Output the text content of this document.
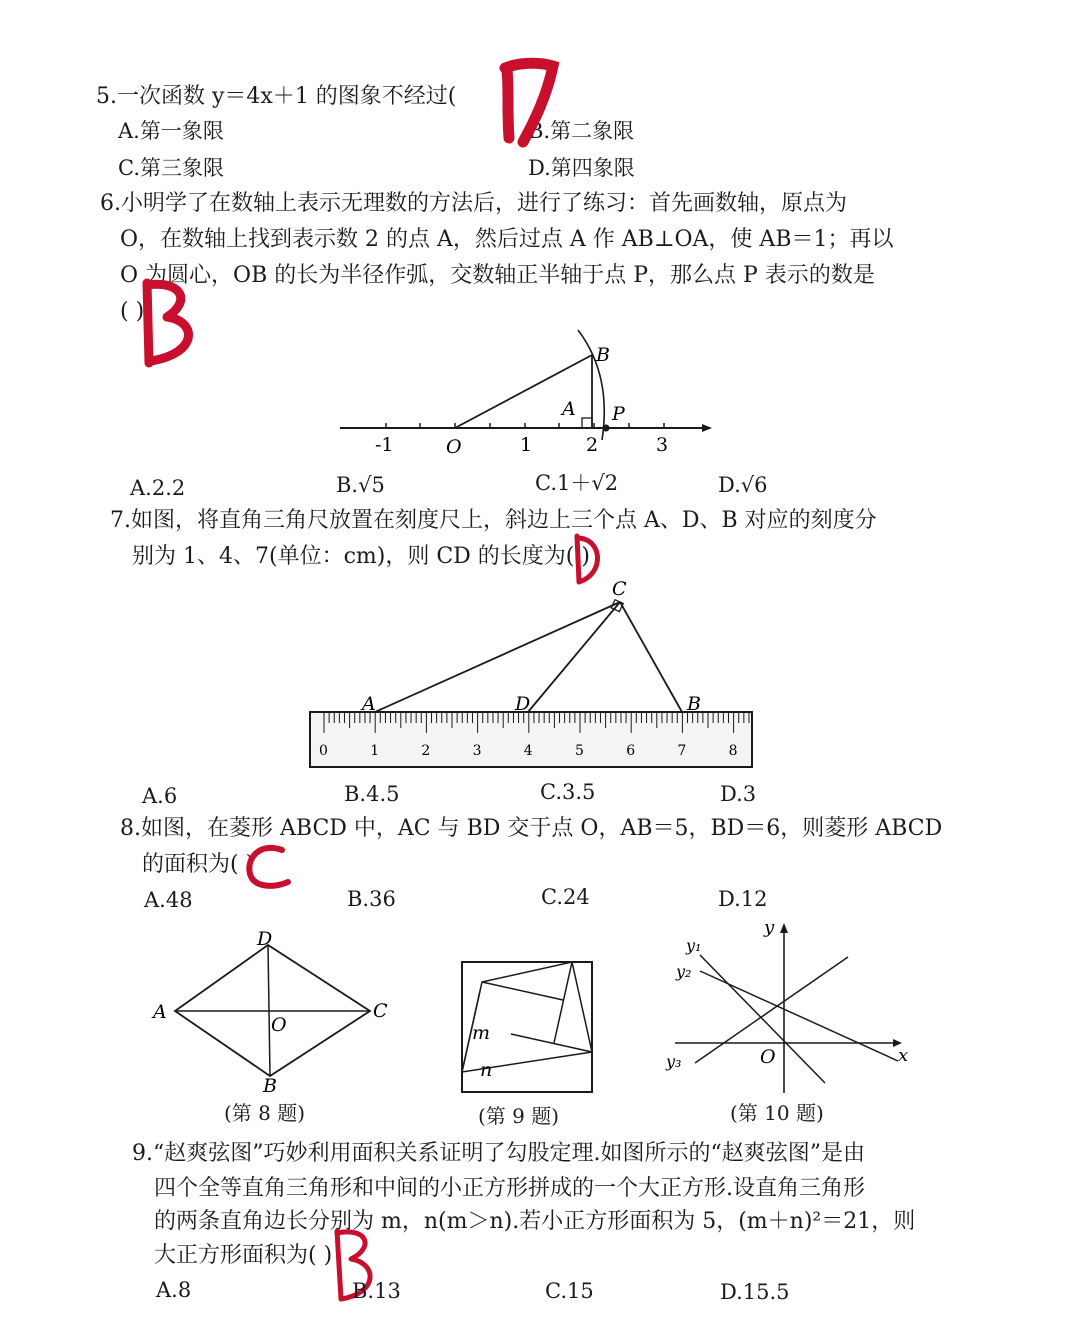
5.一次函数 y＝4x＋1 的图象不经过(
A.第一象限	B.第二象限
C.第三象限	D.第四象限
6.小明学了在数轴上表示无理数的方法后，进行了练习：首先画数轴，原点为
O，在数轴上找到表示数 2 的点 A，然后过点 A 作 AB⊥OA，使 AB＝1；再以
O 为圆心，OB 的长为半径作弧，交数轴正半轴于点 P，那么点 P 表示的数是
( )
-1	O	1	2	3
A
B
P
A.2.2	B.√5	C.1＋√2	D.√6
7.如图，将直角三角尺放置在刻度尺上，斜边上三个点 A、D、B 对应的刻度分
别为 1、4、7(单位：cm)，则 CD 的长度为( )
0	1	2	3	4	5	6	7	8
A	D	B
C
A.6	B.4.5	C.3.5	D.3
8.如图，在菱形 ABCD 中，AC 与 BD 交于点 O，AB＝5，BD＝6，则菱形 ABCD
的面积为( )
A.48	B.36	C.24	D.12
A
B
C
D
O
(第 8 题)
m
n
(第 9 题)
y
x
O
y₁
y₂
y₃
(第 10 题)
9.“赵爽弦图”巧妙利用面积关系证明了勾股定理.如图所示的“赵爽弦图”是由
四个全等直角三角形和中间的小正方形拼成的一个大正方形.设直角三角形
的两条直角边长分别为 m，n(m＞n).若小正方形面积为 5，(m＋n)²＝21，则
大正方形面积为( )
A.8	B.13	C.15	D.15.5
